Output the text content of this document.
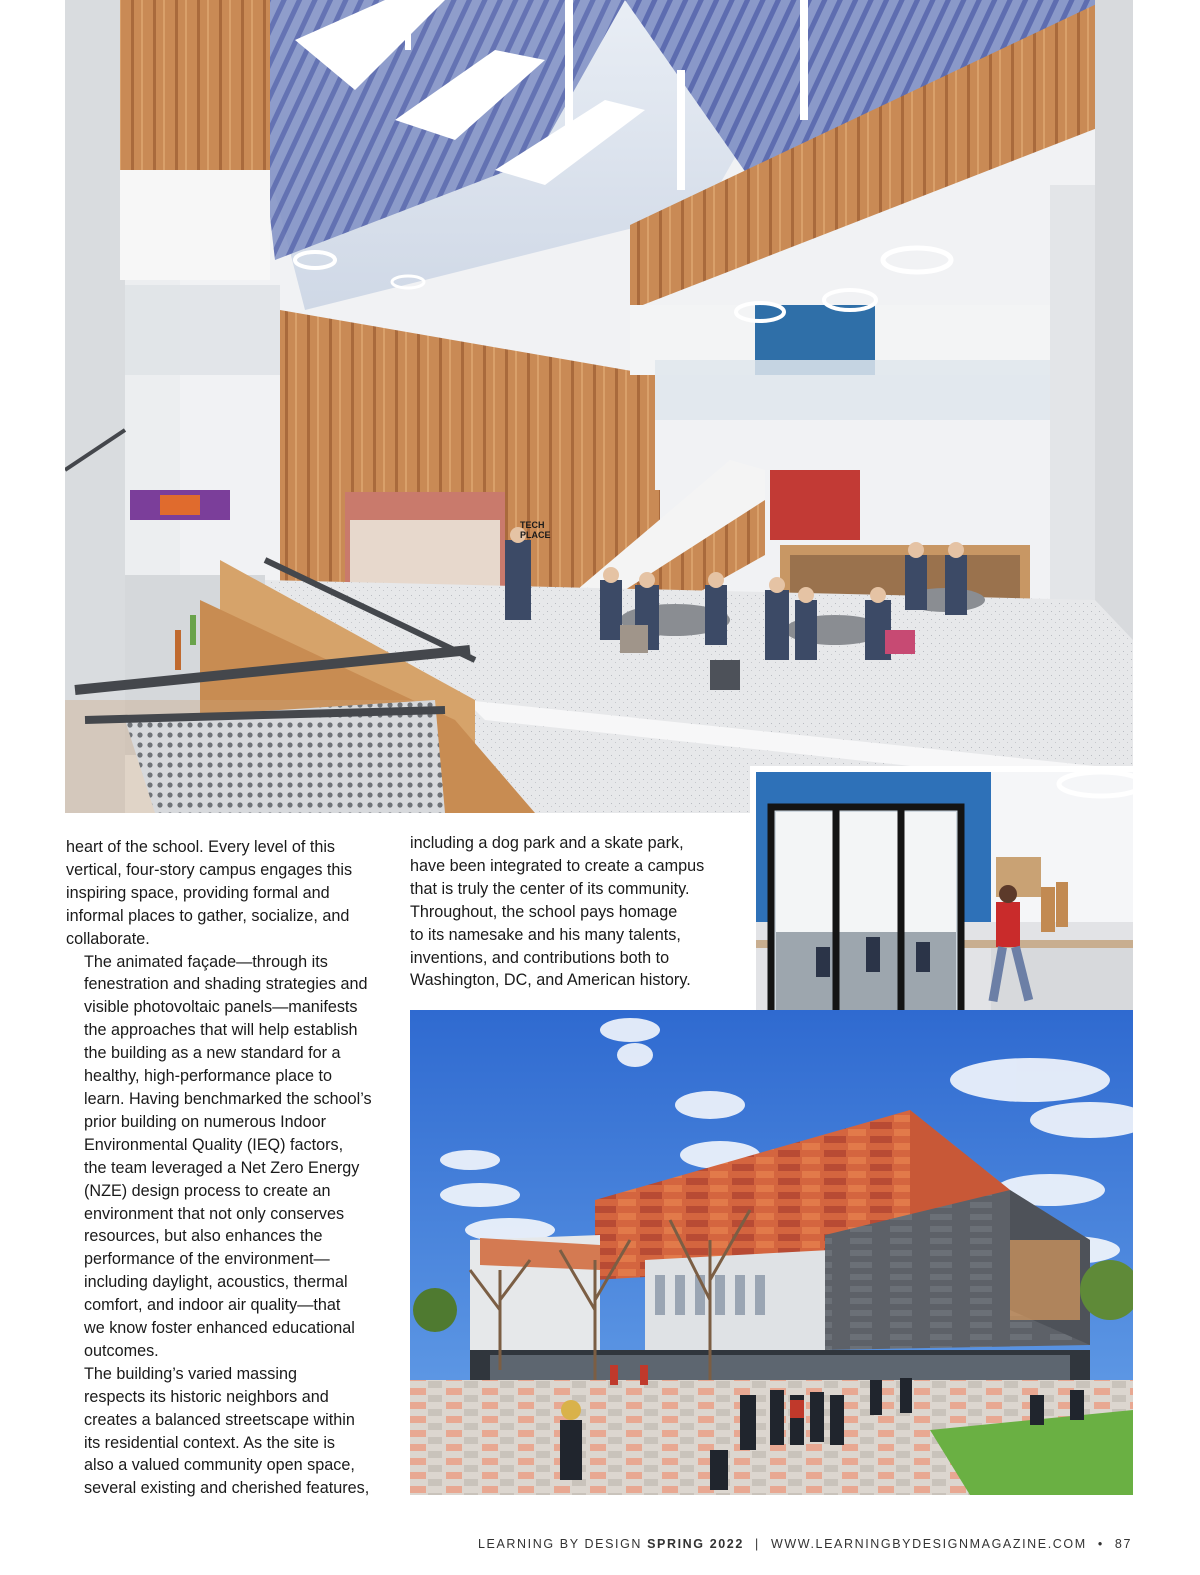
TECH PLACE

heart of the school. Every level of this
vertical, four-story campus engages this
inspiring space, providing formal and
informal places to gather, socialize, and
collaborate.

The animated façade—through its
fenestration and shading strategies and
visible photovoltaic panels—manifests
the approaches that will help establish
the building as a new standard for a
healthy, high-performance place to
learn. Having benchmarked the school’s
prior building on numerous Indoor
Environmental Quality (IEQ) factors,
the team leveraged a Net Zero Energy
(NZE) design process to create an
environment that not only conserves
resources, but also enhances the
performance of the environment—
including daylight, acoustics, thermal
comfort, and indoor air quality—that
we know foster enhanced educational
outcomes.

The building’s varied massing
respects its historic neighbors and
creates a balanced streetscape within
its residential context. As the site is
also a valued community open space,
several existing and cherished features,

including a dog park and a skate park,
have been integrated to create a campus
that is truly the center of its community.
Throughout, the school pays homage
to its namesake and his many talents,
inventions, and contributions both to
Washington, DC, and American history.

LEARNING BY DESIGN SPRING 2022 | WWW.LEARNINGBYDESIGNMAGAZINE.COM • 87
